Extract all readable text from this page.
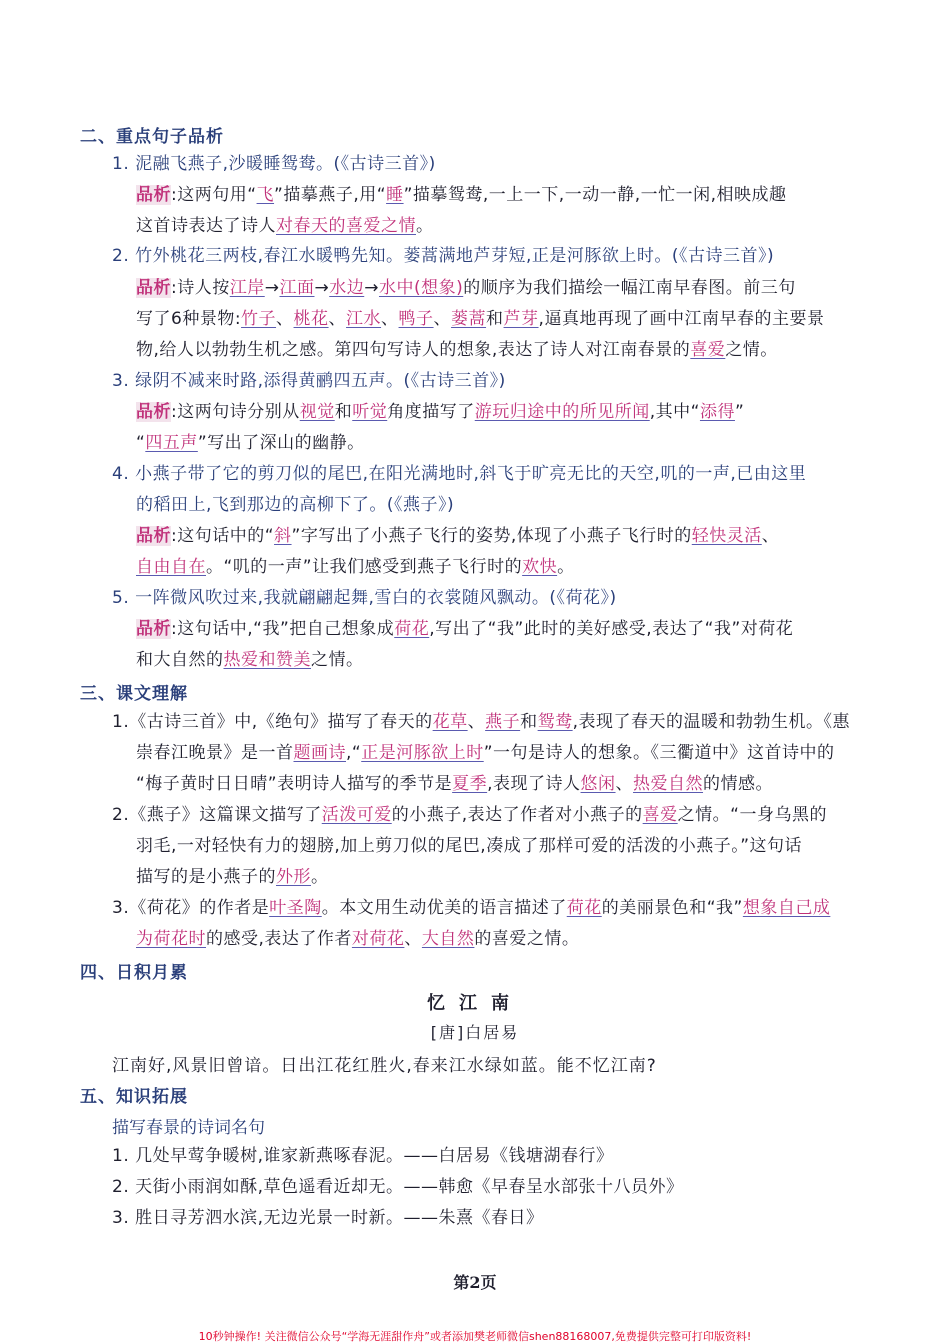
二、重点句子品析
1. 泥融飞燕子,沙暖睡鸳鸯。(《古诗三首》)
品析:这两句用“飞”描摹燕子,用“睡”描摹鸳鸯,一上一下,一动一静,一忙一闲,相映成趣
这首诗表达了诗人对春天的喜爱之情。
2. 竹外桃花三两枝,春江水暖鸭先知。蒌蒿满地芦芽短,正是河豚欲上时。(《古诗三首》)
品析:诗人按江岸→江面→水边→水中(想象)的顺序为我们描绘一幅江南早春图。前三句
写了6种景物:竹子、桃花、江水、鸭子、蒌蒿和芦芽,逼真地再现了画中江南早春的主要景
物,给人以勃勃生机之感。第四句写诗人的想象,表达了诗人对江南春景的喜爱之情。
3. 绿阴不减来时路,添得黄鹂四五声。(《古诗三首》)
品析:这两句诗分别从视觉和听觉角度描写了游玩归途中的所见所闻,其中“添得”
“四五声”写出了深山的幽静。
4. 小燕子带了它的剪刀似的尾巴,在阳光满地时,斜飞于旷亮无比的天空,叽的一声,已由这里
的稻田上,飞到那边的高柳下了。(《燕子》)
品析:这句话中的“斜”字写出了小燕子飞行的姿势,体现了小燕子飞行时的轻快灵活、
自由自在。“叽的一声”让我们感受到燕子飞行时的欢快。
5. 一阵微风吹过来,我就翩翩起舞,雪白的衣裳随风飘动。(《荷花》)
品析:这句话中,“我”把自己想象成荷花,写出了“我”此时的美好感受,表达了“我”对荷花
和大自然的热爱和赞美之情。
三、课文理解
1.《古诗三首》中,《绝句》描写了春天的花草、燕子和鸳鸯,表现了春天的温暖和勃勃生机。《惠
崇春江晚景》是一首题画诗,“正是河豚欲上时”一句是诗人的想象。《三衢道中》这首诗中的
“梅子黄时日日晴”表明诗人描写的季节是夏季,表现了诗人悠闲、热爱自然的情感。
2.《燕子》这篇课文描写了活泼可爱的小燕子,表达了作者对小燕子的喜爱之情。“一身乌黑的
羽毛,一对轻快有力的翅膀,加上剪刀似的尾巴,凑成了那样可爱的活泼的小燕子。”这句话
描写的是小燕子的外形。
3.《荷花》的作者是叶圣陶。本文用生动优美的语言描述了荷花的美丽景色和“我”想象自己成
为荷花时的感受,表达了作者对荷花、大自然的喜爱之情。
四、日积月累
忆江南
[唐]白居易
江南好,风景旧曾谙。日出江花红胜火,春来江水绿如蓝。能不忆江南?
五、知识拓展
描写春景的诗词名句
1. 几处早莺争暖树,谁家新燕啄春泥。——白居易《钱塘湖春行》
2. 天街小雨润如酥,草色遥看近却无。——韩愈《早春呈水部张十八员外》
3. 胜日寻芳泗水滨,无边光景一时新。——朱熹《春日》
第2页
10秒钟操作! 关注微信公众号“学海无涯甜作舟”或者添加樊老师微信shen88168007,免费提供完整可打印版资料!
